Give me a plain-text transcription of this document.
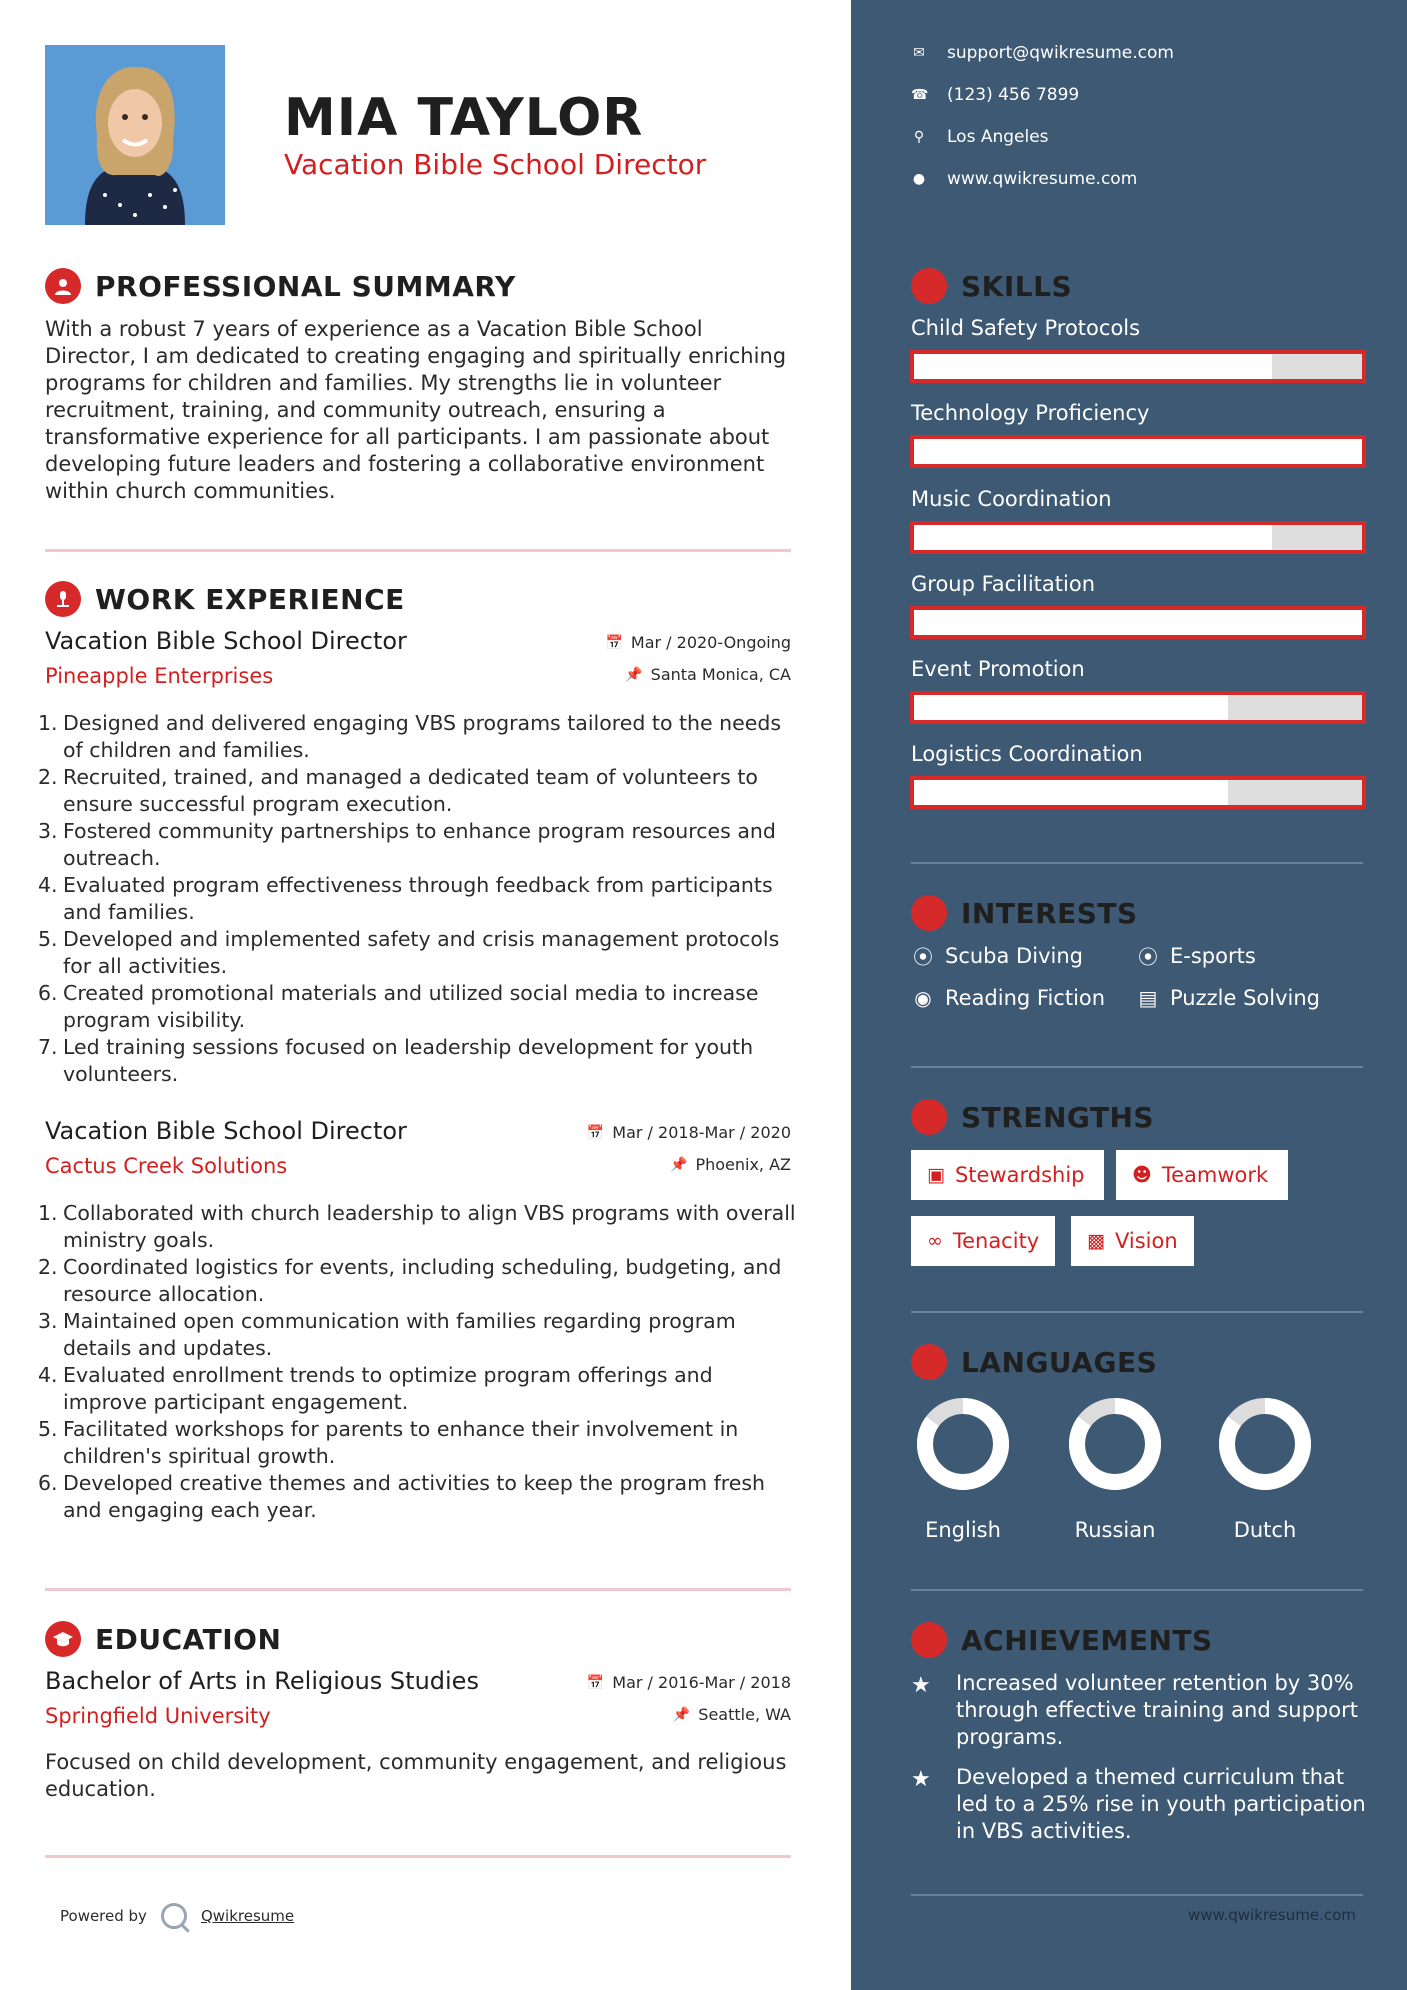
MIA TAYLOR
Vacation Bible School Director
PROFESSIONAL SUMMARY
With a robust 7 years of experience as a Vacation Bible School Director, I am dedicated to creating engaging and spiritually enriching programs for children and families. My strengths lie in volunteer recruitment, training, and community outreach, ensuring a transformative experience for all participants. I am passionate about developing future leaders and fostering a collaborative environment within church communities.
WORK EXPERIENCE
Vacation Bible School Director
Pineapple Enterprises
📅 Mar / 2020-Ongoing
📌 Santa Monica, CA
1. Designed and delivered engaging VBS programs tailored to the needs of children and families.
2. Recruited, trained, and managed a dedicated team of volunteers to ensure successful program execution.
3. Fostered community partnerships to enhance program resources and outreach.
4. Evaluated program effectiveness through feedback from participants and families.
5. Developed and implemented safety and crisis management protocols for all activities.
6. Created promotional materials and utilized social media to increase program visibility.
7. Led training sessions focused on leadership development for youth volunteers.
Vacation Bible School Director
Cactus Creek Solutions
📅 Mar / 2018-Mar / 2020
📌 Phoenix, AZ
1. Collaborated with church leadership to align VBS programs with overall ministry goals.
2. Coordinated logistics for events, including scheduling, budgeting, and resource allocation.
3. Maintained open communication with families regarding program details and updates.
4. Evaluated enrollment trends to optimize program offerings and improve participant engagement.
5. Facilitated workshops for parents to enhance their involvement in children's spiritual growth.
6. Developed creative themes and activities to keep the program fresh and engaging each year.
EDUCATION
Bachelor of Arts in Religious Studies
Springfield University
📅 Mar / 2016-Mar / 2018
📌 Seattle, WA
Focused on child development, community engagement, and religious education.
Powered by	Qwikresume
✉ support@qwikresume.com
☎ (123) 456 7899
⚲ Los Angeles
● www.qwikresume.com
SKILLS
Child Safety Protocols
Technology Proficiency
Music Coordination
Group Facilitation
Event Promotion
Logistics Coordination
INTERESTS
⦿ Scuba Diving	⦿ E-sports
◉ Reading Fiction ▤ Puzzle Solving
STRENGTHS
▣ Stewardship	☻ Teamwork
∞ Tenacity	▩ Vision
A LANGUAGES
English	Russian	Dutch
ACHIEVEMENTS
★ Increased volunteer retention by 30% through effective training and support programs.
★ Developed a themed curriculum that led to a 25% rise in youth participation in VBS activities.
www.qwikresume.com
